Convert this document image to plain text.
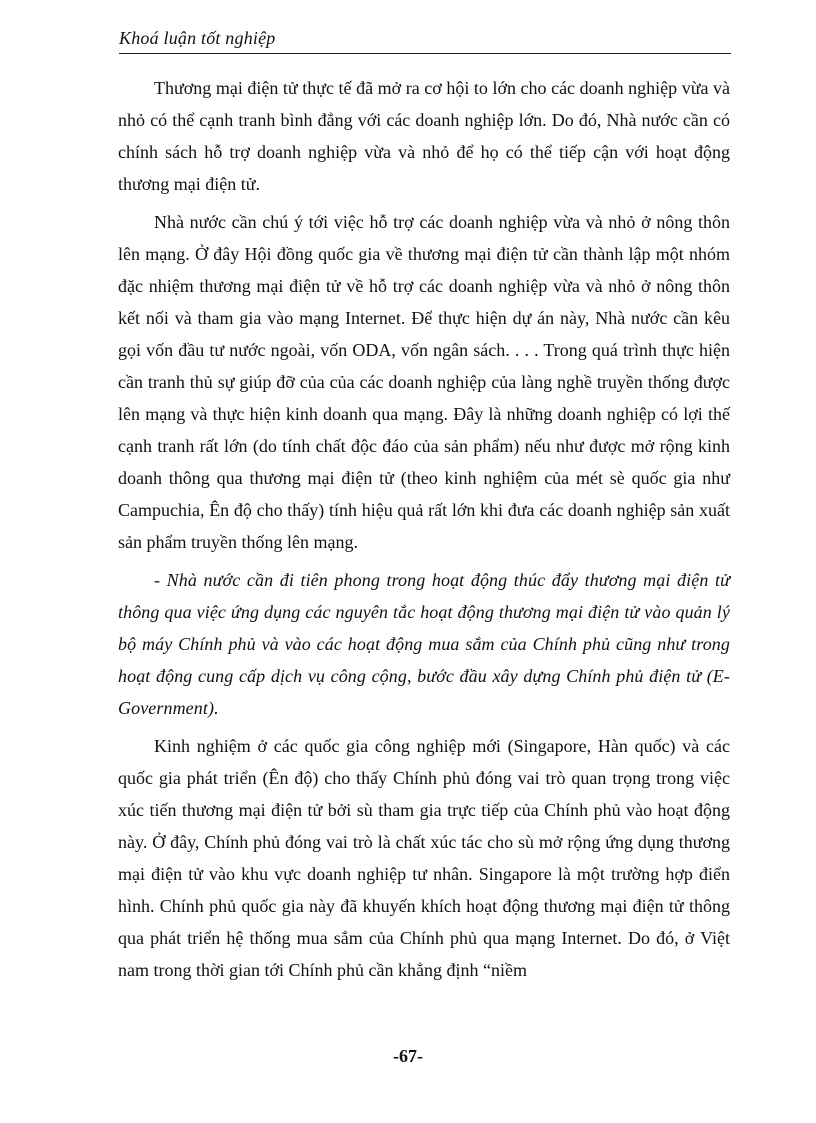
Khoá luận tốt nghiệp

Thương mại điện tử thực tế đã mở ra cơ hội to lớn cho các doanh nghiệp vừa và nhỏ có thể cạnh tranh bình đẳng với các doanh nghiệp lớn. Do đó, Nhà nước cần có chính sách hỗ trợ doanh nghiệp vừa và nhỏ để họ có thể tiếp cận với hoạt động thương mại điện tử.

Nhà nước cần chú ý tới việc hỗ trợ các doanh nghiệp vừa và nhỏ ở nông thôn lên mạng. Ở đây Hội đồng quốc gia về thương mại điện tử cần thành lập một nhóm đặc nhiệm thương mại điện tử về hỗ trợ các doanh nghiệp vừa và nhỏ ở nông thôn kết nối và tham gia vào mạng Internet. Để thực hiện dự án này, Nhà nước cần kêu gọi vốn đầu tư nước ngoài, vốn ODA, vốn ngân sách. . . . Trong quá trình thực hiện cần tranh thủ sự giúp đỡ của của các doanh nghiệp của làng nghề truyền thống được lên mạng và thực hiện kinh doanh qua mạng. Đây là những doanh nghiệp có lợi thế cạnh tranh rất lớn (do tính chất độc đáo của sản phẩm) nếu như được mở rộng kinh doanh thông qua thương mại điện tử (theo kinh nghiệm của mét sè quốc gia như Campuchia, Ên độ cho thấy) tính hiệu quả rất lớn khi đưa các doanh nghiệp sản xuất sản phẩm truyền thống lên mạng.

- Nhà nước cần đi tiên phong trong hoạt động thúc đẩy thương mại điện tử thông qua việc ứng dụng các nguyên tắc hoạt động thương mại điện tử vào quản lý bộ máy Chính phủ và vào các hoạt động mua sắm của Chính phủ cũng như trong hoạt động cung cấp dịch vụ công cộng, bước đầu xây dựng Chính phủ điện tử (E-Government).

Kinh nghiệm ở các quốc gia công nghiệp mới (Singapore, Hàn quốc) và các quốc gia phát triển (Ên độ) cho thấy Chính phủ đóng vai trò quan trọng trong việc xúc tiến thương mại điện tử bởi sù tham gia trực tiếp của Chính phủ vào hoạt động này. Ở đây, Chính phủ đóng vai trò là chất xúc tác cho sù mở rộng ứng dụng thương mại điện tử vào khu vực doanh nghiệp tư nhân. Singapore là một trường hợp điển hình. Chính phủ quốc gia này đã khuyến khích hoạt động thương mại điện tử thông qua phát triển hệ thống mua sắm của Chính phủ qua mạng Internet. Do đó, ở Việt nam trong thời gian tới Chính phủ cần khẳng định “niềm

-67-
